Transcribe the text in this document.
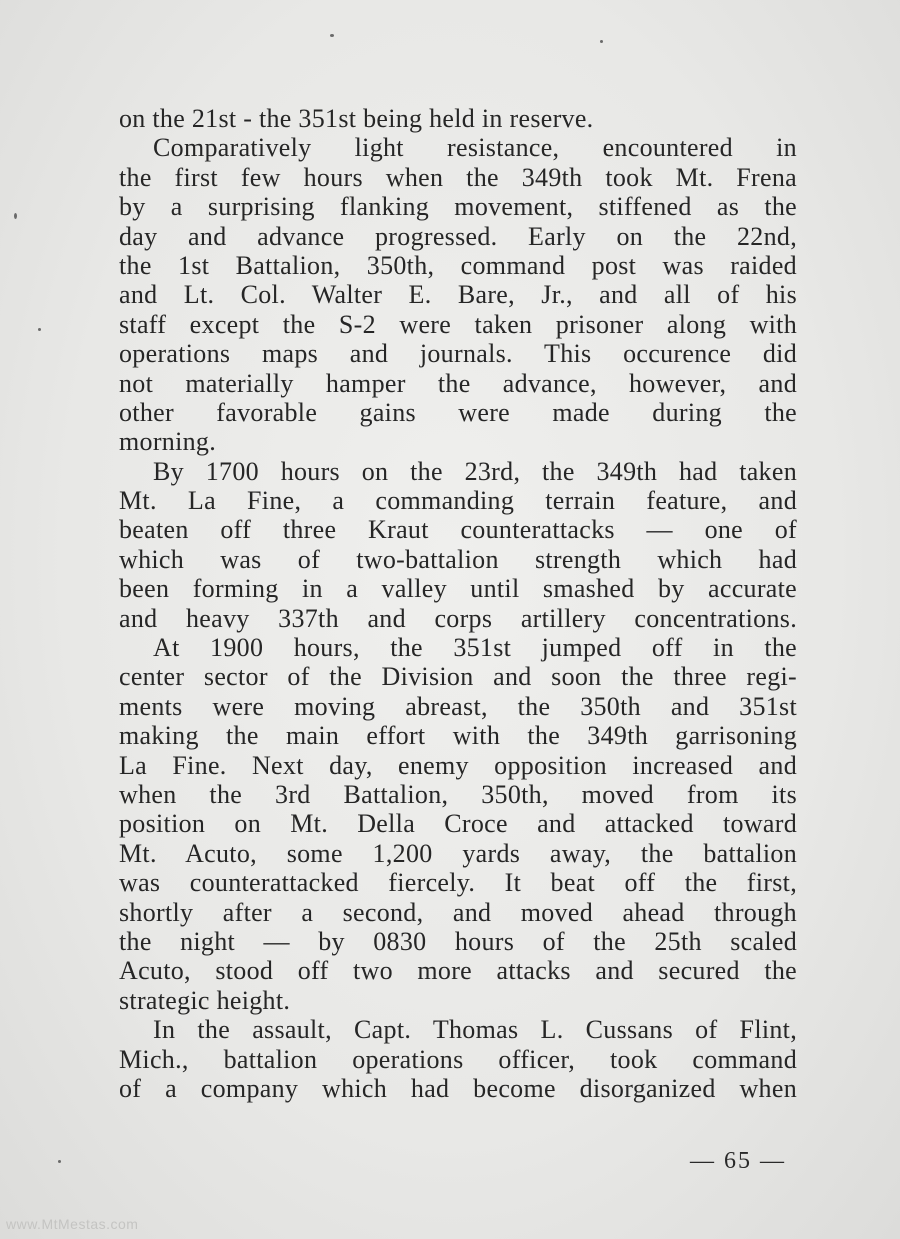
on the 21st - the 351st being held in reserve.

Comparatively light resistance, encountered in
the first few hours when the 349th took Mt. Frena
by a surprising flanking movement, stiffened as the
day and advance progressed. Early on the 22nd,
the 1st Battalion, 350th, command post was raided
and Lt. Col. Walter E. Bare, Jr., and all of his
staff except the S-2 were taken prisoner along with
operations maps and journals. This occurence did
not materially hamper the advance, however, and
other favorable gains were made during the
morning.

By 1700 hours on the 23rd, the 349th had taken
Mt. La Fine, a commanding terrain feature, and
beaten off three Kraut counterattacks — one of
which was of two-battalion strength which had
been forming in a valley until smashed by accurate
and heavy 337th and corps artillery concentrations.

At 1900 hours, the 351st jumped off in the
center sector of the Division and soon the three regi-
ments were moving abreast, the 350th and 351st
making the main effort with the 349th garrisoning
La Fine. Next day, enemy opposition increased and
when the 3rd Battalion, 350th, moved from its
position on Mt. Della Croce and attacked toward
Mt. Acuto, some 1,200 yards away, the battalion
was counterattacked fiercely. It beat off the first,
shortly after a second, and moved ahead through
the night — by 0830 hours of the 25th scaled
Acuto, stood off two more attacks and secured the
strategic height.

In the assault, Capt. Thomas L. Cussans of Flint,
Mich., battalion operations officer, took command
of a company which had become disorganized when

— 65 —
www.MtMestas.com
